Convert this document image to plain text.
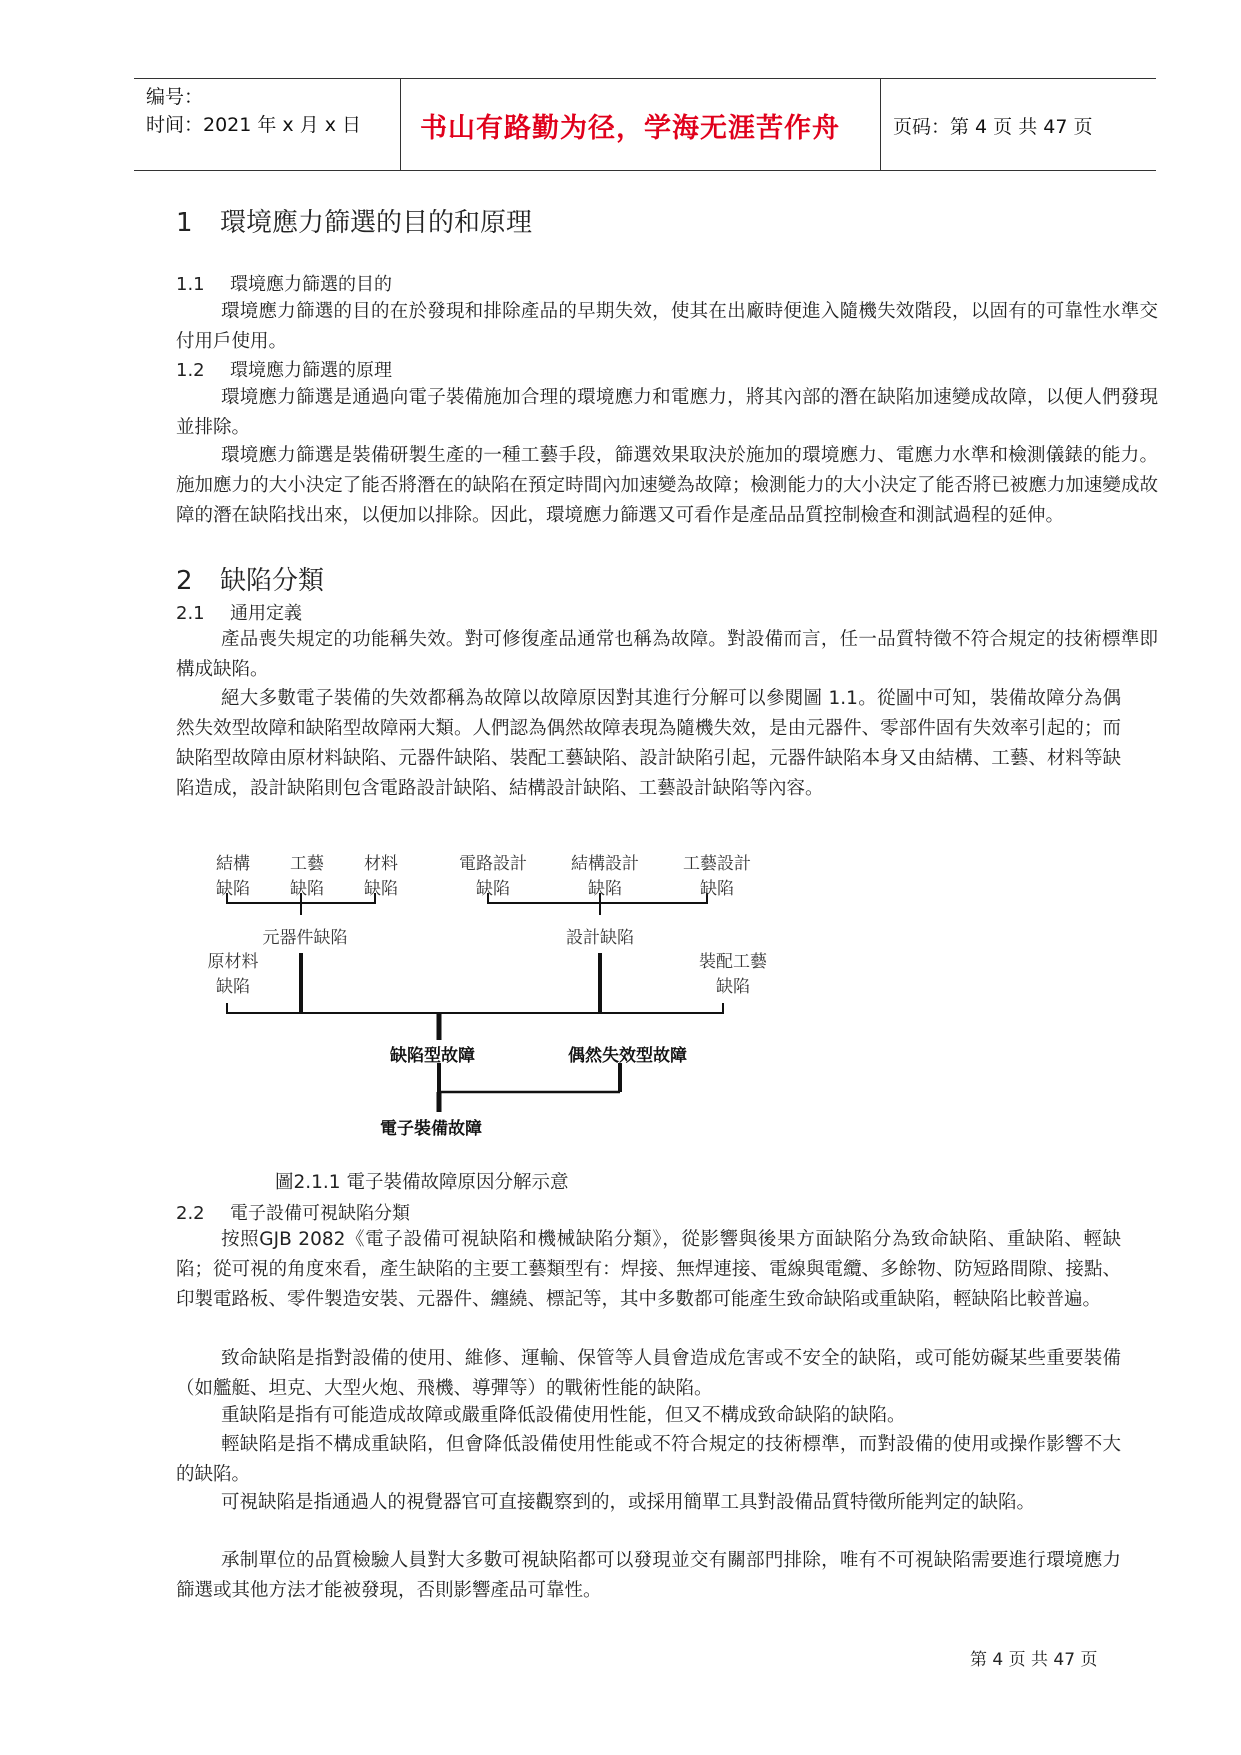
编号：
时间：2021 年 x 月 x 日 书山有路勤为径，学海无涯苦作舟	页码：第 4 页 共 47 页
1 環境應力篩選的目的和原理
1.1 環境應力篩選的目的

環境應力篩選的目的在於發現和排除產品的早期失效，使其在出廠時便進入隨機失效階段，以固有的可靠性水準交付用戶使用。

1.2 環境應力篩選的原理

環境應力篩選是通過向電子裝備施加合理的環境應力和電應力，將其內部的潛在缺陷加速變成故障，以便人們發現並排除。

環境應力篩選是裝備研製生產的一種工藝手段，篩選效果取決於施加的環境應力、電應力水準和檢測儀錶的能力。施加應力的大小決定了能否將潛在的缺陷在預定時間內加速變為故障；檢測能力的大小決定了能否將已被應力加速變成故障的潛在缺陷找出來，以便加以排除。因此，環境應力篩選又可看作是產品品質控制檢查和測試過程的延伸。

2 缺陷分類
2.1 通用定義

產品喪失規定的功能稱失效。對可修復產品通常也稱為故障。對設備而言，任一品質特徵不符合規定的技術標準即構成缺陷。

絕大多數電子裝備的失效都稱為故障以故障原因對其進行分解可以參閱圖 1.1。從圖中可知，裝備故障分為偶然失效型故障和缺陷型故障兩大類。人們認為偶然故障表現為隨機失效，是由元器件、零部件固有失效率引起的；而缺陷型故障由原材料缺陷、元器件缺陷、裝配工藝缺陷、設計缺陷引起，元器件缺陷本身又由結構、工藝、材料等缺陷造成，設計缺陷則包含電路設計缺陷、結構設計缺陷、工藝設計缺陷等內容。

結構
缺陷
工藝
缺陷
材料
缺陷
電路設計
缺陷
結構設計
缺陷
工藝設計
缺陷
元器件缺陷	設計缺陷
原材料
缺陷
裝配工藝
缺陷
缺陷型故障	偶然失效型故障
電子裝備故障
圖2.1.1 電子裝備故障原因分解示意
2.2 電子設備可視缺陷分類

按照GJB 2082《電子設備可視缺陷和機械缺陷分類》，從影響與後果方面缺陷分為致命缺陷、重缺陷、輕缺陷；從可視的角度來看，產生缺陷的主要工藝類型有：焊接、無焊連接、電線與電纜、多餘物、防短路間隙、接點、印製電路板、零件製造安裝、元器件、纏繞、標記等，其中多數都可能產生致命缺陷或重缺陷，輕缺陷比較普遍。

致命缺陷是指對設備的使用、維修、運輸、保管等人員會造成危害或不安全的缺陷，或可能妨礙某些重要裝備（如艦艇、坦克、大型火炮、飛機、導彈等）的戰術性能的缺陷。

重缺陷是指有可能造成故障或嚴重降低設備使用性能，但又不構成致命缺陷的缺陷。

輕缺陷是指不構成重缺陷，但會降低設備使用性能或不符合規定的技術標準，而對設備的使用或操作影響不大的缺陷。

可視缺陷是指通過人的視覺器官可直接觀察到的，或採用簡單工具對設備品質特徵所能判定的缺陷。

承制單位的品質檢驗人員對大多數可視缺陷都可以發現並交有關部門排除，唯有不可視缺陷需要進行環境應力篩選或其他方法才能被發現，否則影響產品可靠性。

第 4 页 共 47 页
